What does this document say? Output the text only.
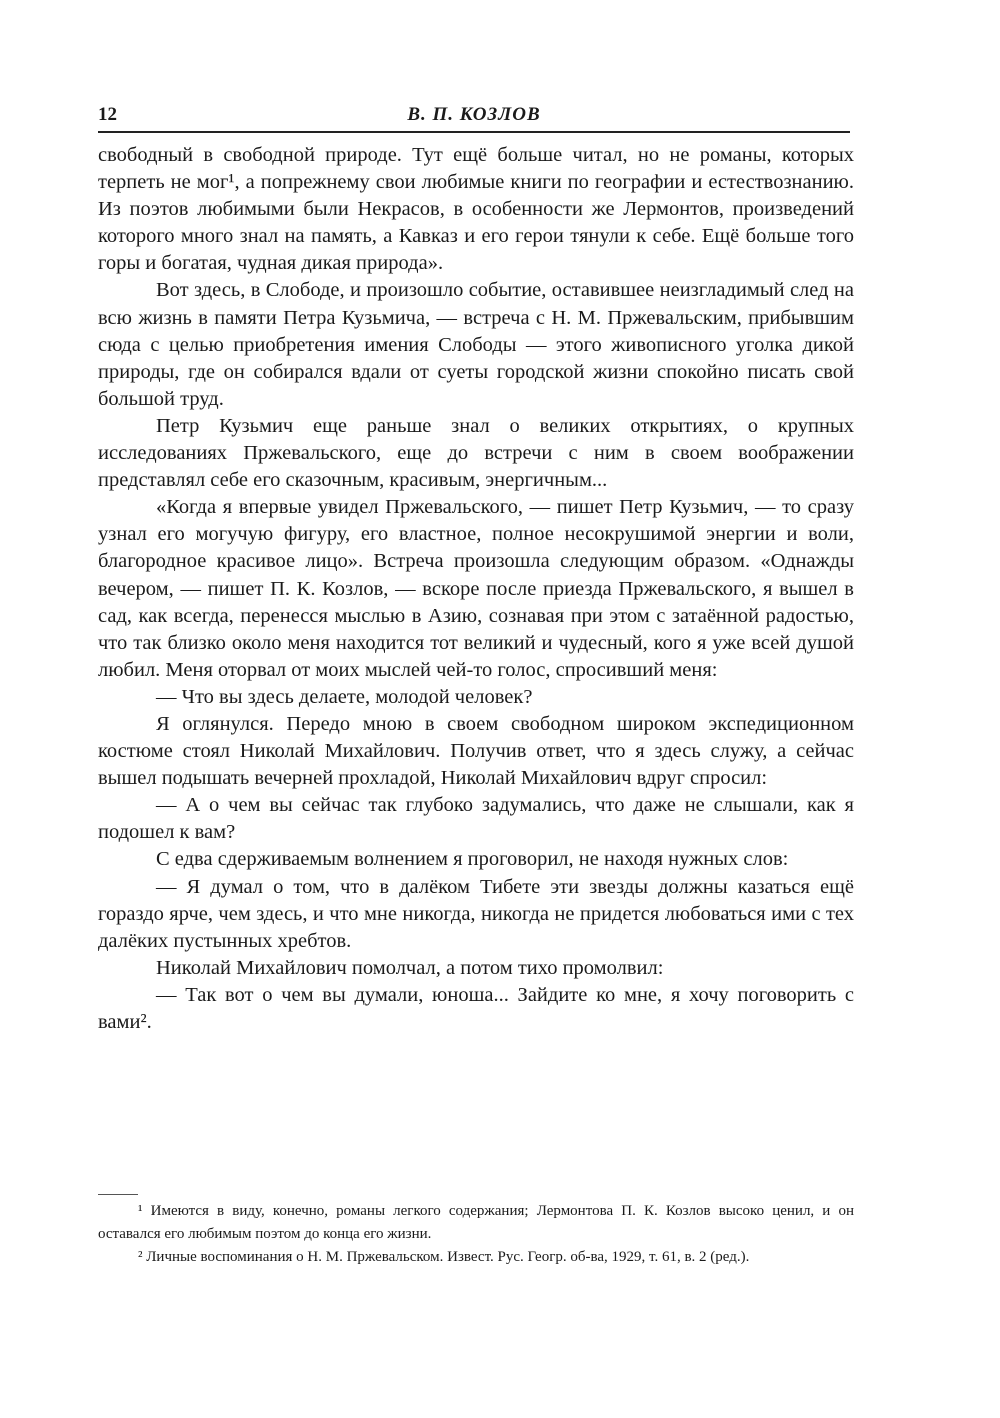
12	В. П. КОЗЛОВ

свободный в свободной природе. Тут ещё больше читал, но не романы, которых терпеть не мог¹, а попрежнему свои любимые книги по географии и естествознанию. Из поэтов любимыми были Некрасов, в особенности же Лермонтов, произведений которого много знал на память, а Кавказ и его герои тянули к себе. Ещё больше того горы и богатая, чудная дикая природа».

Вот здесь, в Слободе, и произошло событие, оставившее неизгладимый след на всю жизнь в памяти Петра Кузьмича, — встреча с Н. М. Пржевальским, прибывшим сюда с целью приобретения имения Слободы — этого живописного уголка дикой природы, где он собирался вдали от суеты городской жизни спокойно писать свой большой труд.

Петр Кузьмич еще раньше знал о великих открытиях, о крупных исследованиях Пржевальского, еще до встречи с ним в своем воображении представлял себе его сказочным, красивым, энергичным...

«Когда я впервые увидел Пржевальского, — пишет Петр Кузьмич, — то сразу узнал его могучую фигуру, его властное, полное несокрушимой энергии и воли, благородное красивое лицо». Встреча произошла следующим образом. «Однажды вечером, — пишет П. К. Козлов, — вскоре после приезда Пржевальского, я вышел в сад, как всегда, перенесся мыслью в Азию, сознавая при этом с затаённой радостью, что так близко около меня находится тот великий и чудесный, кого я уже всей душой любил. Меня оторвал от моих мыслей чей-то голос, спросивший меня:

— Что вы здесь делаете, молодой человек?

Я оглянулся. Передо мною в своем свободном широком экспедиционном костюме стоял Николай Михайлович. Получив ответ, что я здесь служу, а сейчас вышел подышать вечерней прохладой, Николай Михайлович вдруг спросил:

— А о чем вы сейчас так глубоко задумались, что даже не слышали, как я подошел к вам?

С едва сдерживаемым волнением я проговорил, не находя нужных слов:

— Я думал о том, что в далёком Тибете эти звезды должны казаться ещё гораздо ярче, чем здесь, и что мне никогда, никогда не придется любоваться ими с тех далёких пустынных хребтов.

Николай Михайлович помолчал, а потом тихо промолвил:

— Так вот о чем вы думали, юноша... Зайдите ко мне, я хочу поговорить с вами².

¹ Имеются в виду, конечно, романы легкого содержания; Лермонтова П. К. Козлов высоко ценил, и он оставался его любимым поэтом до конца его жизни.

² Личные воспоминания о Н. М. Пржевальском. Извест. Рус. Геогр. об-ва, 1929, т. 61, в. 2 (ред.).
